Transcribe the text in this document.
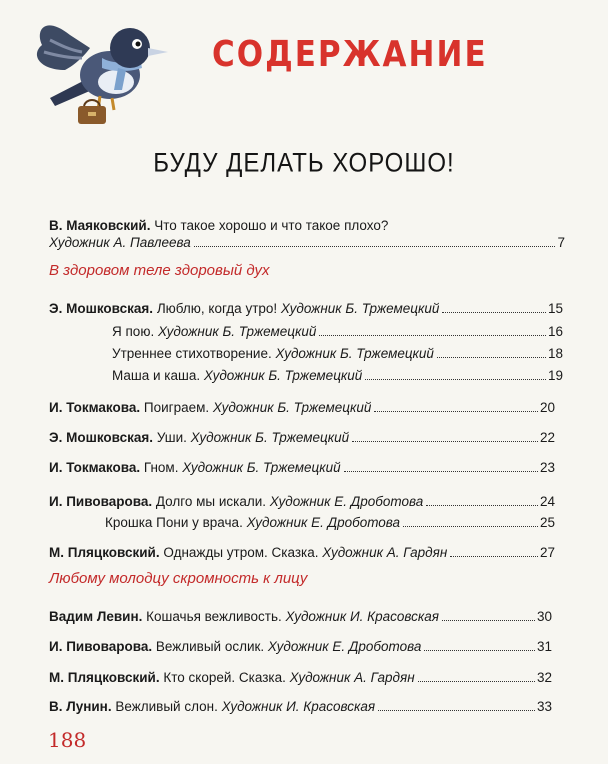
СОДЕРЖАНИЕ
БУДУ ДЕЛАТЬ ХОРОШО!
В. Маяковский. Что такое хорошо и что такое плохо?
Художник А. Павлеева	7
В здоровом теле здоровый дух
Э. Мошковская. Люблю, когда утро! Художник Б. Тржемецкий	15
Я пою. Художник Б. Тржемецкий	16
Утреннее стихотворение. Художник Б. Тржемецкий	18
Маша и каша. Художник Б. Тржемецкий	19
И. Токмакова. Поиграем. Художник Б. Тржемецкий	20
Э. Мошковская. Уши. Художник Б. Тржемецкий	22
И. Токмакова. Гном. Художник Б. Тржемецкий	23
И. Пивоварова. Долго мы искали. Художник Е. Дроботова	24
Крошка Пони у врача. Художник Е. Дроботова	25
М. Пляцковский. Однажды утром. Сказка. Художник А. Гардян	27
Любому молодцу скромность к лицу
Вадим Левин. Кошачья вежливость. Художник И. Красовская	30
И. Пивоварова. Вежливый ослик. Художник Е. Дроботова	31
М. Пляцковский. Кто скорей. Сказка. Художник А. Гардян	32
В. Лунин. Вежливый слон. Художник И. Красовская	33
188
